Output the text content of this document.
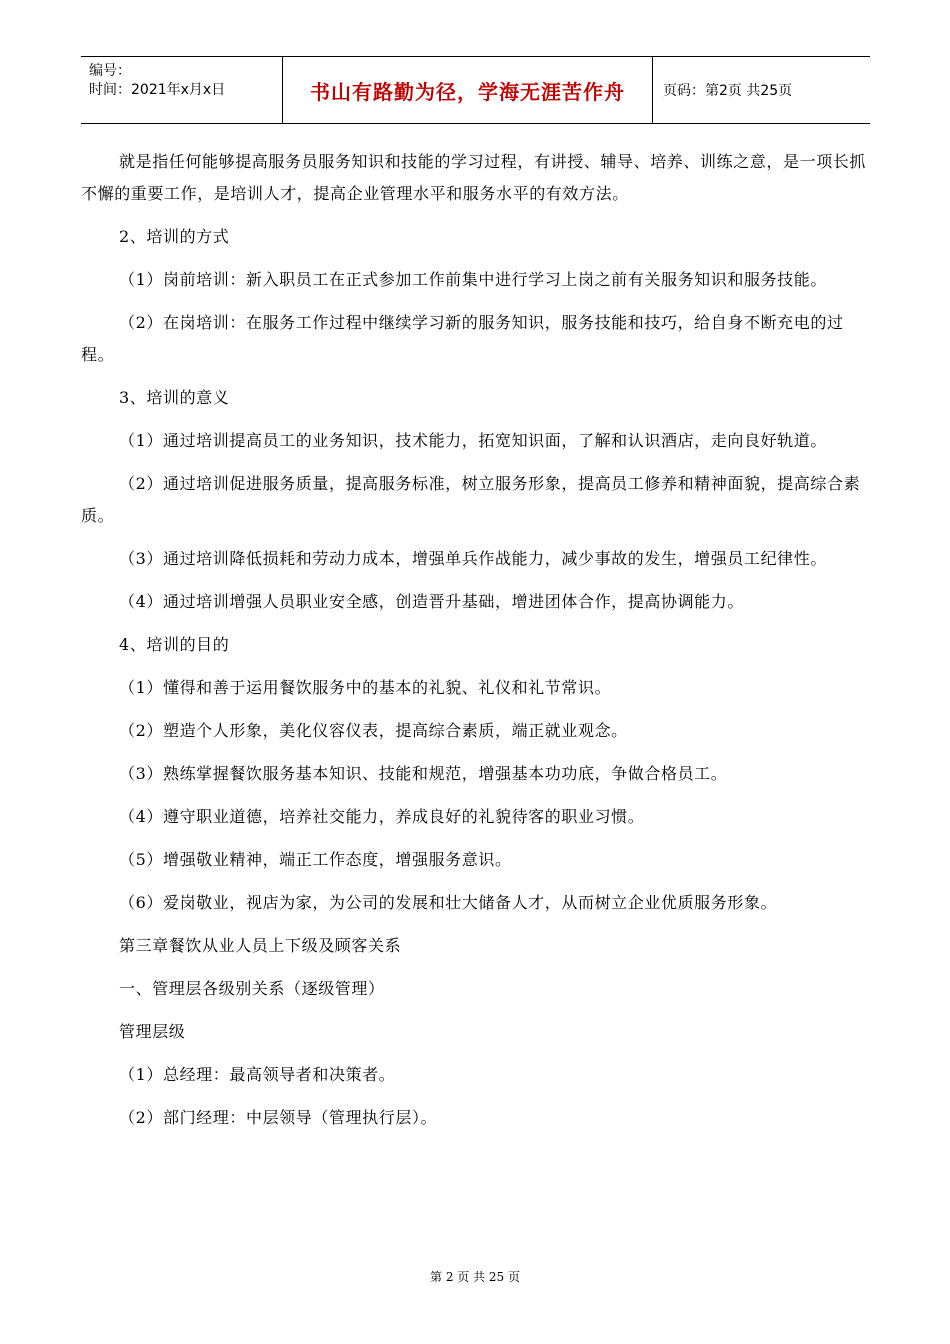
编号：
时间：2021年x月x日	书山有路勤为径，学海无涯苦作舟	页码：第2页 共25页

就是指任何能够提高服务员服务知识和技能的学习过程，有讲授、辅导、培养、训练之意，是一项长抓不懈的重要工作，是培训人才，提高企业管理水平和服务水平的有效方法。

2、培训的方式

（1）岗前培训：新入职员工在正式参加工作前集中进行学习上岗之前有关服务知识和服务技能。

（2）在岗培训：在服务工作过程中继续学习新的服务知识，服务技能和技巧，给自身不断充电的过程。

3、培训的意义

（1）通过培训提高员工的业务知识，技术能力，拓宽知识面，了解和认识酒店，走向良好轨道。

（2）通过培训促进服务质量，提高服务标准，树立服务形象，提高员工修养和精神面貌，提高综合素质。

（3）通过培训降低损耗和劳动力成本，增强单兵作战能力，减少事故的发生，增强员工纪律性。

（4）通过培训增强人员职业安全感，创造晋升基础，增进团体合作，提高协调能力。

4、培训的目的

（1）懂得和善于运用餐饮服务中的基本的礼貌、礼仪和礼节常识。

（2）塑造个人形象，美化仪容仪表，提高综合素质，端正就业观念。

（3）熟练掌握餐饮服务基本知识、技能和规范，增强基本功功底，争做合格员工。

（4）遵守职业道德，培养社交能力，养成良好的礼貌待客的职业习惯。

（5）增强敬业精神，端正工作态度，增强服务意识。

（6）爱岗敬业，视店为家，为公司的发展和壮大储备人才，从而树立企业优质服务形象。

第三章餐饮从业人员上下级及顾客关系

一、管理层各级别关系（逐级管理）

管理层级

（1）总经理：最高领导者和决策者。

（2）部门经理：中层领导（管理执行层）。

第 2 页 共 25 页
